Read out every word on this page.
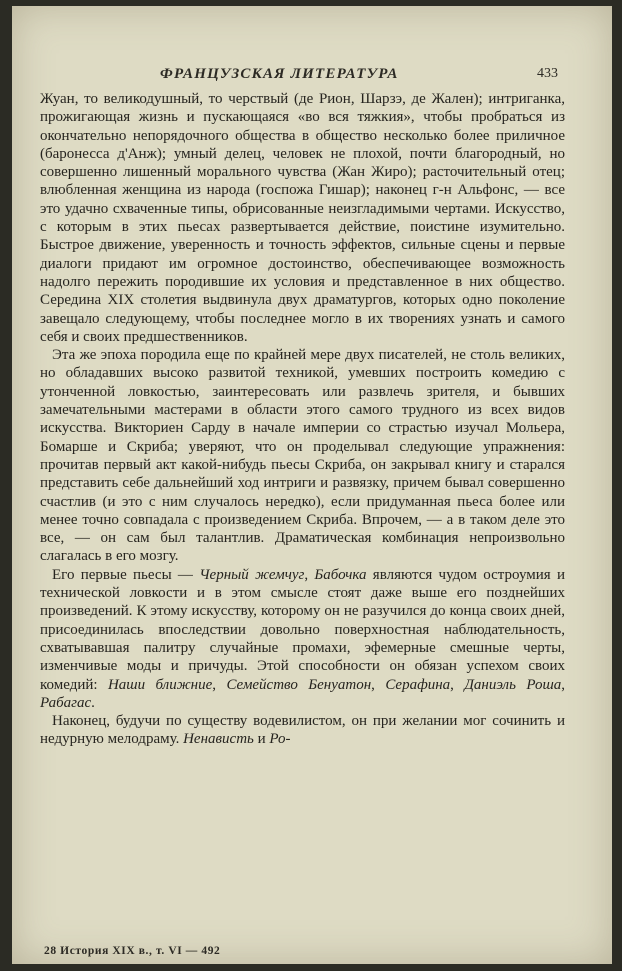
ФРАНЦУЗСКАЯ ЛИТЕРАТУРА	433

Жуан, то великодушный, то черствый (де Рион, Шарзэ, де Жален); интриганка, прожигающая жизнь и пускающаяся «во вся тяжкия», чтобы пробраться из окончательно непорядочного общества в общество несколько более приличное (баронесса д'Анж); умный делец, человек не плохой, почти благородный, но совершенно лишенный морального чувства (Жан Жиро); расточительный отец; влюбленная женщина из народа (госпожа Гишар); наконец г-н Альфонс, — все это удачно схваченные типы, обрисованные неизгладимыми чертами. Искусство, с которым в этих пьесах развертывается действие, поистине изумительно. Быстрое движение, уверенность и точность эффектов, сильные сцены и первые диалоги придают им огромное достоинство, обеспечивающее возможность надолго пережить породившие их условия и представленное в них общество. Середина XIX столетия выдвинула двух драматургов, которых одно поколение завещало следующему, чтобы последнее могло в их творениях узнать и самого себя и своих предшественников.

Эта же эпоха породила еще по крайней мере двух писателей, не столь великих, но обладавших высоко развитой техникой, умевших построить комедию с утонченной ловкостью, заинтересовать или развлечь зрителя, и бывших замечательными мастерами в области этого самого трудного из всех видов искусства. Викториен Сарду в начале империи со страстью изучал Мольера, Бомарше и Скриба; уверяют, что он проделывал следующие упражнения: прочитав первый акт какой-нибудь пьесы Скриба, он закрывал книгу и старался представить себе дальнейший ход интриги и развязку, причем бывал совершенно счастлив (и это с ним случалось нередко), если придуманная пьеса более или менее точно совпадала с произведением Скриба. Впрочем, — а в таком деле это все, — он сам был талантлив. Драматическая комбинация непроизвольно слагалась в его мозгу.

Его первые пьесы — Черный жемчуг, Бабочка являются чудом остроумия и технической ловкости и в этом смысле стоят даже выше его позднейших произведений. К этому искусству, которому он не разучился до конца своих дней, присоединилась впоследствии довольно поверхностная наблюдательность, схватывавшая палитру случайные промахи, эфемерные смешные черты, изменчивые моды и причуды. Этой способности он обязан успехом своих комедий: Наши ближние, Семейство Бенуатон, Серафина, Даниэль Роша, Рабагас.

Наконец, будучи по существу водевилистом, он при желании мог сочинить и недурную мелодраму. Ненависть и Ро-

28 История XIX в., т. VI — 492
